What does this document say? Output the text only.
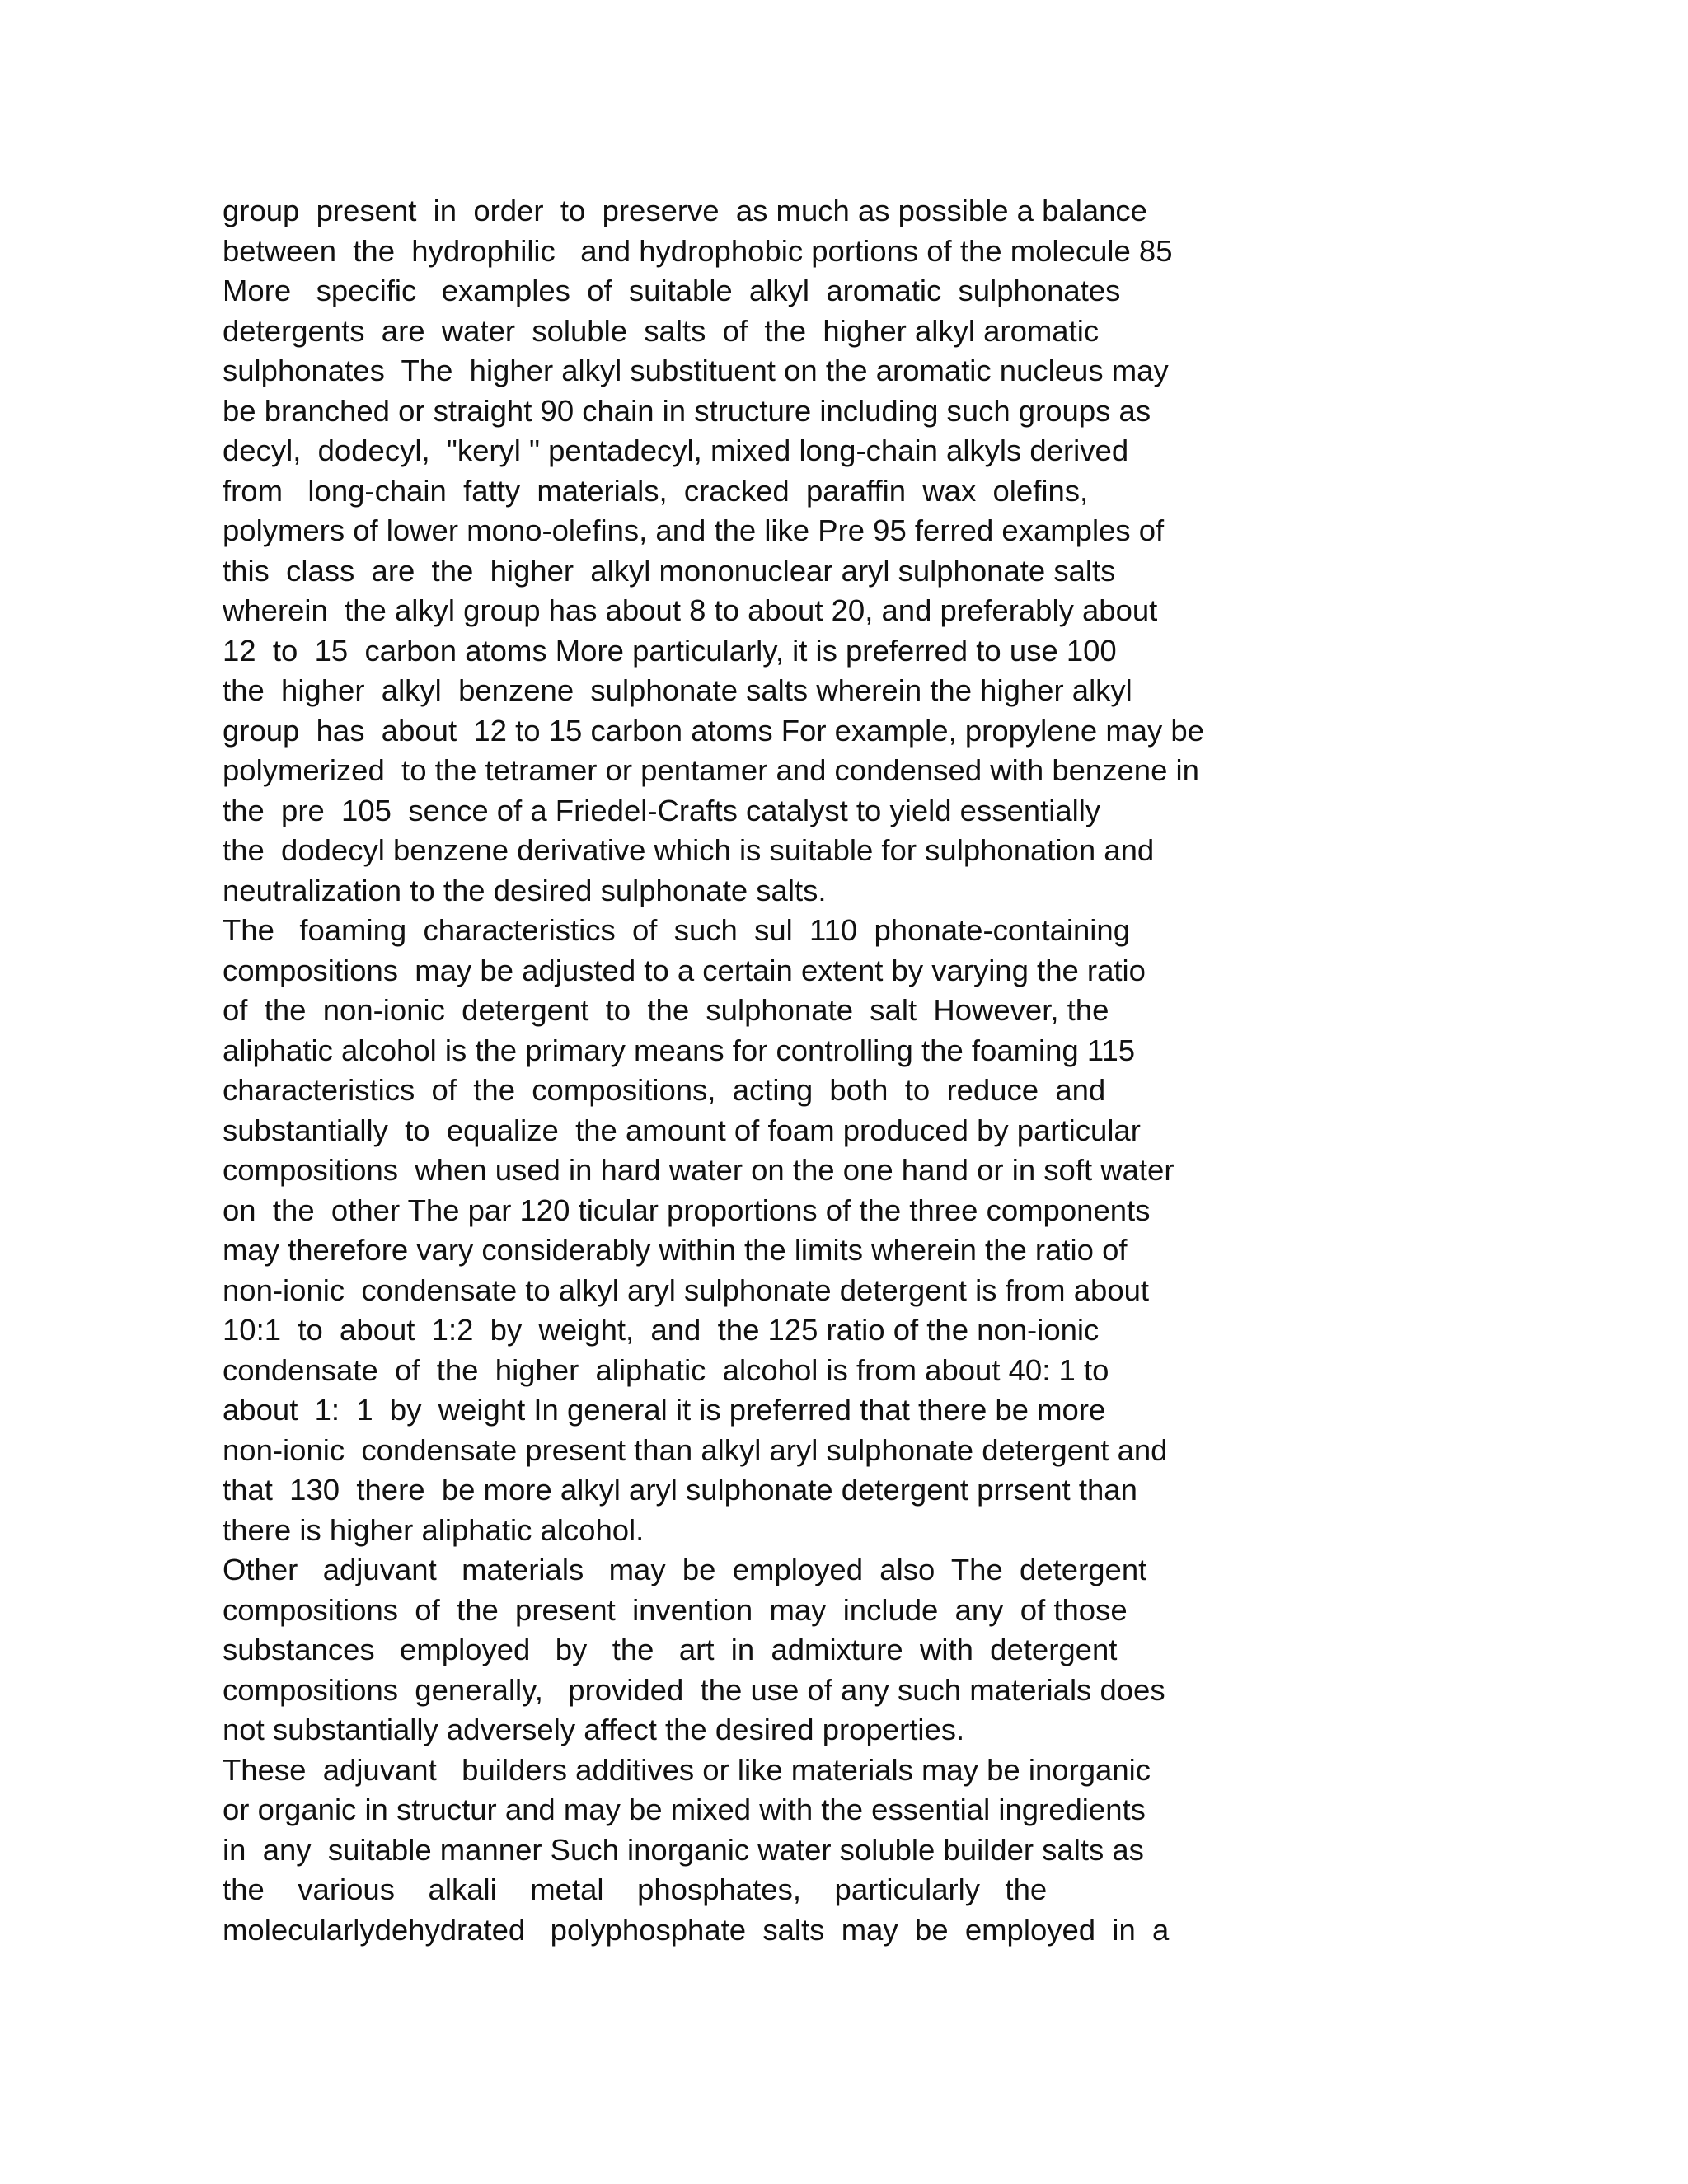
group  present  in  order  to  preserve  as much as possible a balance
between  the  hydrophilic   and hydrophobic portions of the molecule 85
More   specific   examples  of  suitable  alkyl  aromatic  sulphonates
detergents  are  water  soluble  salts  of  the  higher alkyl aromatic
sulphonates  The  higher alkyl substituent on the aromatic nucleus may
be branched or straight 90 chain in structure including such groups as
decyl,  dodecyl,  "keryl " pentadecyl, mixed long-chain alkyls derived
from   long-chain  fatty  materials,  cracked  paraffin  wax  olefins,
polymers of lower mono-olefins, and the like Pre 95 ferred examples of
this  class  are  the  higher  alkyl mononuclear aryl sulphonate salts
wherein  the alkyl group has about 8 to about 20, and preferably about
12  to  15  carbon atoms More particularly, it is preferred to use 100
the  higher  alkyl  benzene  sulphonate salts wherein the higher alkyl
group  has  about  12 to 15 carbon atoms For example, propylene may be
polymerized  to the tetramer or pentamer and condensed with benzene in
the  pre  105  sence of a Friedel-Crafts catalyst to yield essentially
the  dodecyl benzene derivative which is suitable for sulphonation and
neutralization to the desired sulphonate salts.
The   foaming  characteristics  of  such  sul  110  phonate-containing
compositions  may be adjusted to a certain extent by varying the ratio
of  the  non-ionic  detergent  to  the  sulphonate  salt  However, the
aliphatic alcohol is the primary means for controlling the foaming 115
characteristics  of  the  compositions,  acting  both  to  reduce  and
substantially  to  equalize  the amount of foam produced by particular
compositions  when used in hard water on the one hand or in soft water
on  the  other The par 120 ticular proportions of the three components
may therefore vary considerably within the limits wherein the ratio of
non-ionic  condensate to alkyl aryl sulphonate detergent is from about
10:1  to  about  1:2  by  weight,  and  the 125 ratio of the non-ionic
condensate  of  the  higher  aliphatic  alcohol is from about 40: 1 to
about  1:  1  by  weight In general it is preferred that there be more
non-ionic  condensate present than alkyl aryl sulphonate detergent and
that  130  there  be more alkyl aryl sulphonate detergent prrsent than
there is higher aliphatic alcohol.
Other   adjuvant   materials   may  be  employed  also  The  detergent
compositions  of  the  present  invention  may  include  any  of those
substances   employed   by   the   art  in  admixture  with  detergent
compositions  generally,   provided  the use of any such materials does
not substantially adversely affect the desired properties.
These  adjuvant   builders additives or like materials may be inorganic
or organic in structur and may be mixed with the essential ingredients
in  any  suitable manner Such inorganic water soluble builder salts as
the    various    alkali    metal    phosphates,    particularly   the
molecularlydehydrated   polyphosphate  salts  may  be  employed  in  a
